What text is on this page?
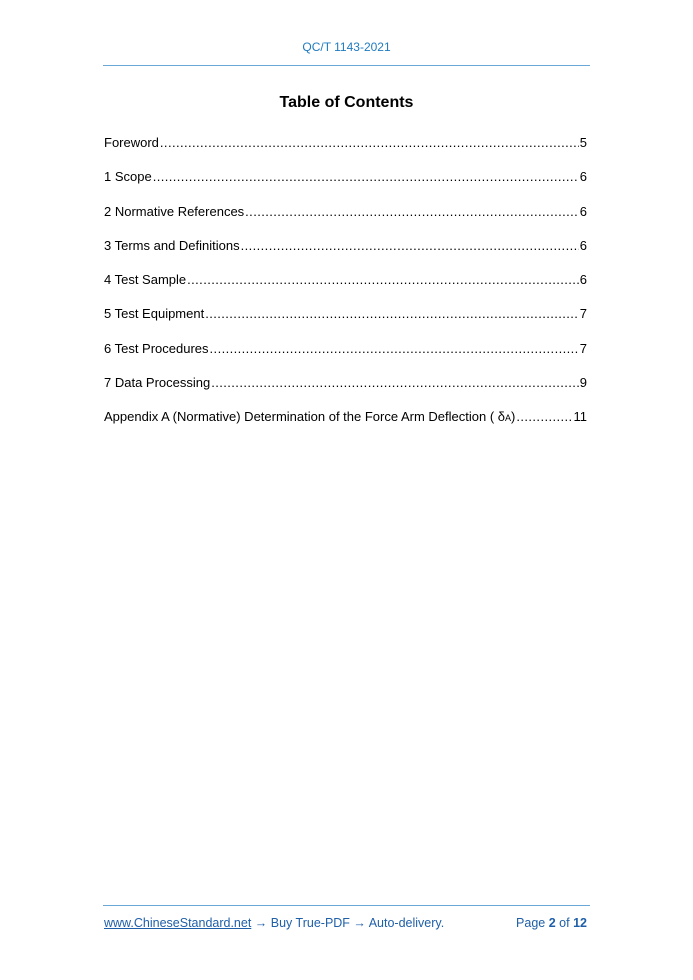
QC/T 1143-2021
Table of Contents
Foreword .....	5
1 Scope .....	6
2 Normative References .....	6
3 Terms and Definitions .....	6
4 Test Sample .....	6
5 Test Equipment .....	7
6 Test Procedures .....	7
7 Data Processing .....	9
Appendix A (Normative) Determination of the Force Arm Deflection ( δA) .....	11
www.ChineseStandard.net → Buy True-PDF → Auto-delivery.	Page 2 of 12
